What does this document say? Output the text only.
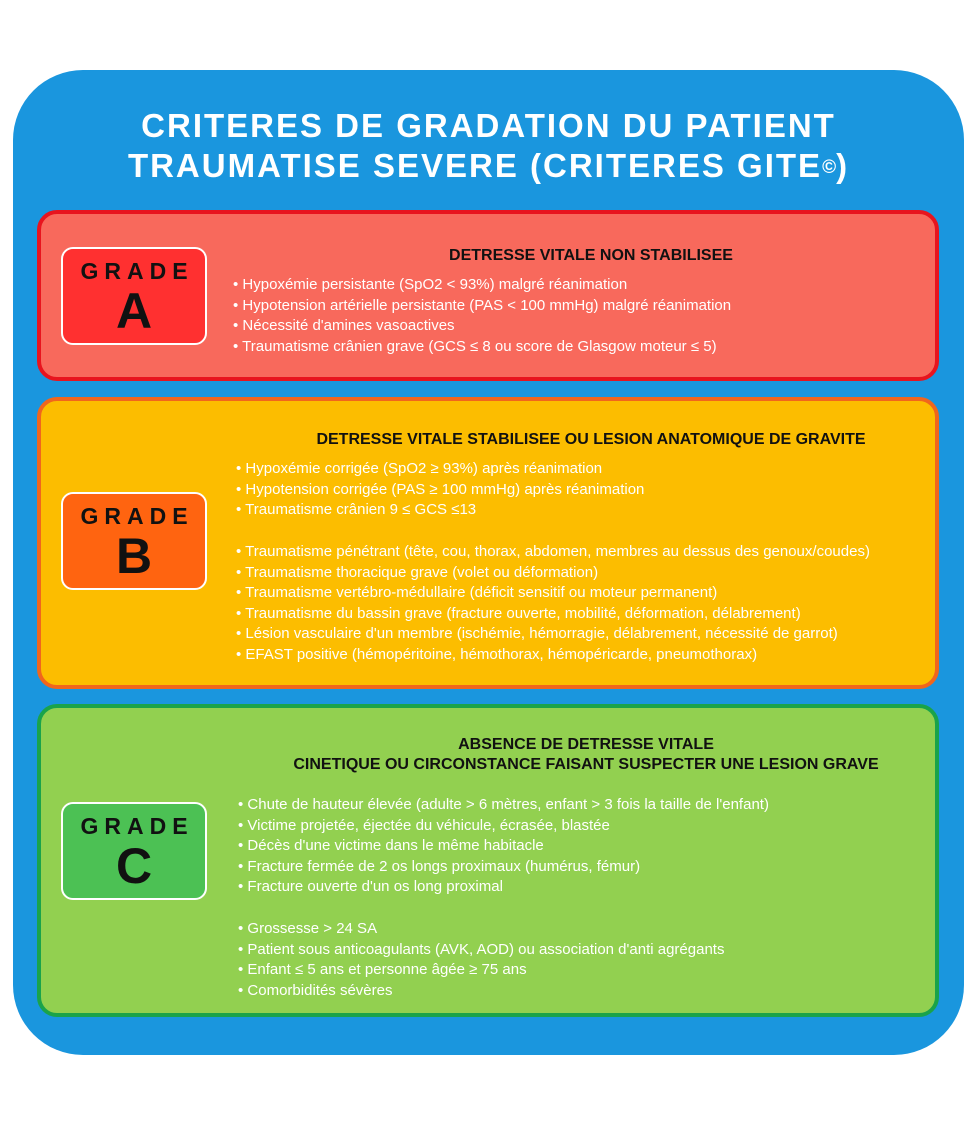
CRITERES DE GRADATION DU PATIENT
TRAUMATISE SEVERE (CRITERES GITE©)
GRADE
A
DETRESSE VITALE NON STABILISEE
• Hypoxémie persistante (SpO2 < 93%) malgré réanimation
• Hypotension artérielle persistante (PAS < 100 mmHg) malgré réanimation
• Nécessité d'amines vasoactives
• Traumatisme crânien grave (GCS ≤ 8 ou score de Glasgow moteur ≤ 5)
GRADE
B
DETRESSE VITALE STABILISEE OU LESION ANATOMIQUE DE GRAVITE
• Hypoxémie corrigée (SpO2 ≥ 93%) après réanimation
• Hypotension corrigée (PAS ≥ 100 mmHg) après réanimation
• Traumatisme crânien 9 ≤ GCS ≤13
• Traumatisme pénétrant (tête, cou, thorax, abdomen, membres au dessus des genoux/coudes)
• Traumatisme thoracique grave (volet ou déformation)
• Traumatisme vertébro-médullaire (déficit sensitif ou moteur permanent)
• Traumatisme du bassin grave (fracture ouverte, mobilité, déformation, délabrement)
• Lésion vasculaire d'un membre (ischémie, hémorragie, délabrement, nécessité de garrot)
• EFAST positive (hémopéritoine, hémothorax, hémopéricarde, pneumothorax)
GRADE
C
ABSENCE DE DETRESSE VITALE
CINETIQUE OU CIRCONSTANCE FAISANT SUSPECTER UNE LESION GRAVE
• Chute de hauteur élevée (adulte > 6 mètres, enfant > 3 fois la taille de l'enfant)
• Victime projetée, éjectée du véhicule, écrasée, blastée
• Décès d'une victime dans le même habitacle
• Fracture fermée de 2 os longs proximaux (humérus, fémur)
• Fracture ouverte d'un os long proximal
• Grossesse > 24 SA
• Patient sous anticoagulants (AVK, AOD) ou association d'anti agrégants
• Enfant ≤ 5 ans et personne âgée ≥ 75 ans
• Comorbidités sévères
